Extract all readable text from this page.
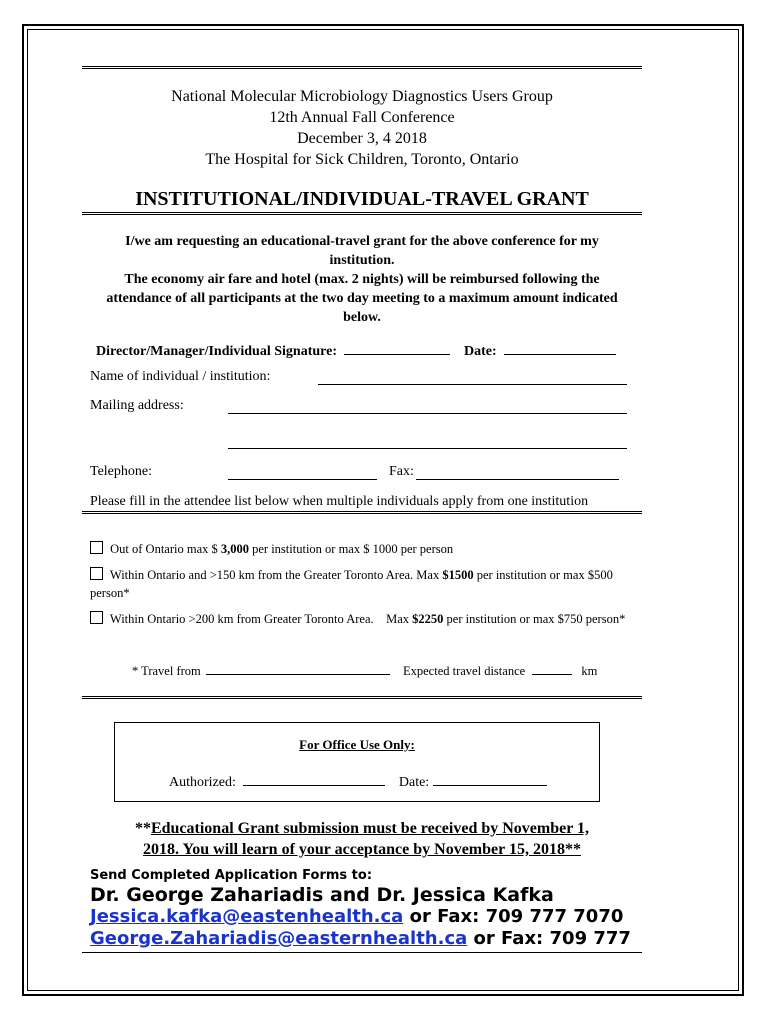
National Molecular Microbiology Diagnostics Users Group
12th Annual Fall Conference
December 3, 4 2018
The Hospital for Sick Children, Toronto, Ontario
INSTITUTIONAL/INDIVIDUAL-TRAVEL GRANT

I/we am requesting an educational-travel grant for the above conference for my institution.

The economy air fare and hotel (max. 2 nights) will be reimbursed following the attendance of all participants at the two day meeting to a maximum amount indicated below.

Director/Manager/Individual Signature:	Date:
Name of individual / institution:
Mailing address:
Telephone:	Fax:
Please fill in the attendee list below when multiple individuals apply from one institution
Out of Ontario max $ 3,000 per institution or max $ 1000 per person
Within Ontario and >150 km from the Greater Toronto Area. Max $1500 per institution or max $500 person*
Within Ontario >200 km from Greater Toronto Area.    Max $2250 per institution or max $750 person*
* Travel from	Expected travel distance	km
For Office Use Only:
Authorized:	Date:
**Educational Grant submission must be received by November 1,
2018. You will learn of your acceptance by November 15, 2018**
Send Completed Application Forms to:
Dr. George Zahariadis and Dr. Jessica Kafka
Jessica.kafka@eastenhealth.ca or Fax: 709 777 7070
George.Zahariadis@easternhealth.ca or Fax: 709 777
